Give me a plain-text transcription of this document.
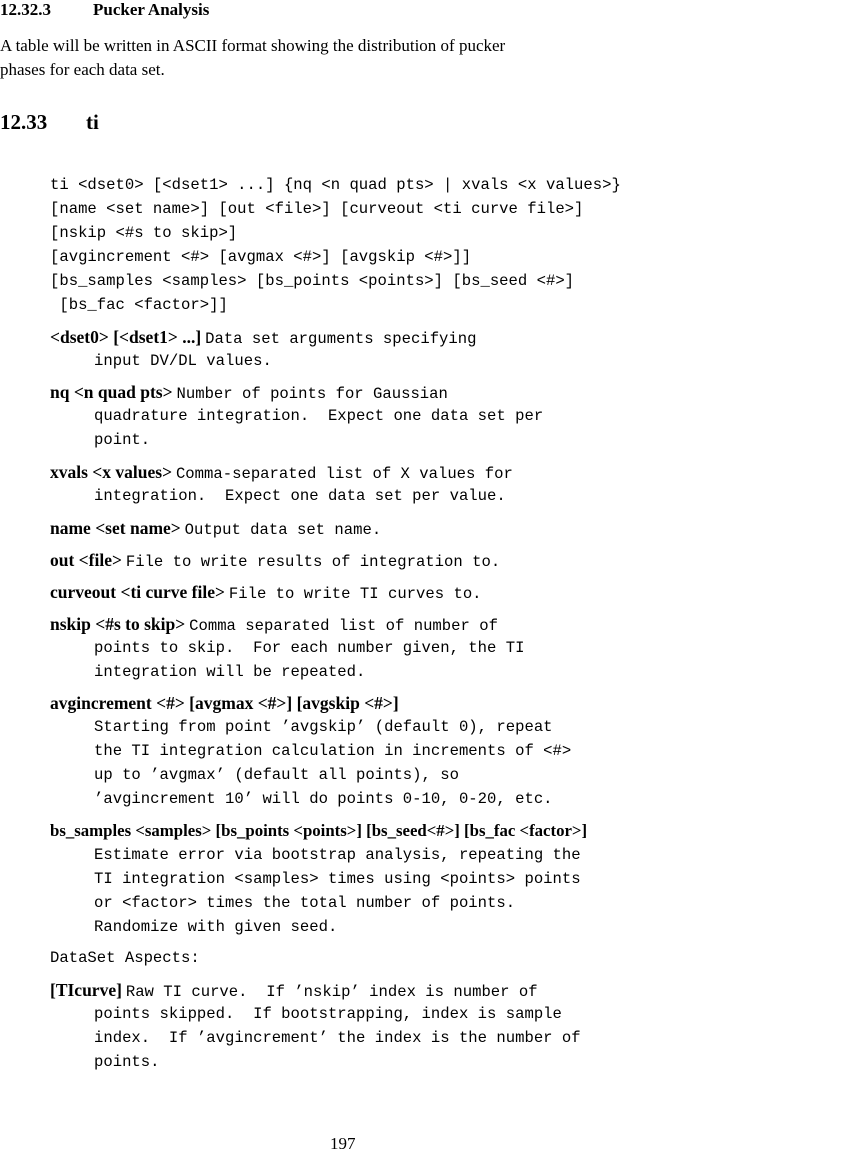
12.32.3 Pucker Analysis
A table will be written in ASCII format showing the distribution of pucker
phases for each data set.
12.33 ti
ti <dset0> [<dset1> ...] {nq <n quad pts> | xvals <x values>}
[name <set name>] [out <file>] [curveout <ti curve file>]
[nskip <#s to skip>]
[avgincrement <#> [avgmax <#>] [avgskip <#>]]
[bs_samples <samples> [bs_points <points>] [bs_seed <#>]
[bs_fac <factor>]]
<dset0> [<dset1> ...] Data set arguments specifying
input DV/DL values.
nq <n quad pts> Number of points for Gaussian
quadrature integration.  Expect one data set per
point.
xvals <x values> Comma-separated list of X values for
integration.  Expect one data set per value.
name <set name> Output data set name.
out <file> File to write results of integration to.
curveout <ti curve file> File to write TI curves to.
nskip <#s to skip> Comma separated list of number of
points to skip.  For each number given, the TI
integration will be repeated.
avgincrement <#> [avgmax <#>] [avgskip <#>]
Starting from point ’avgskip’ (default 0), repeat
the TI integration calculation in increments of <#>
up to ’avgmax’ (default all points), so
’avgincrement 10’ will do points 0-10, 0-20, etc.
bs_samples <samples> [bs_points <points>] [bs_seed<#>] [bs_fac <factor>]
Estimate error via bootstrap analysis, repeating the
TI integration <samples> times using <points> points
or <factor> times the total number of points.
Randomize with given seed.
DataSet Aspects:
[TIcurve] Raw TI curve.  If ’nskip’ index is number of
points skipped.  If bootstrapping, index is sample
index.  If ’avgincrement’ the index is the number of
points.
197
